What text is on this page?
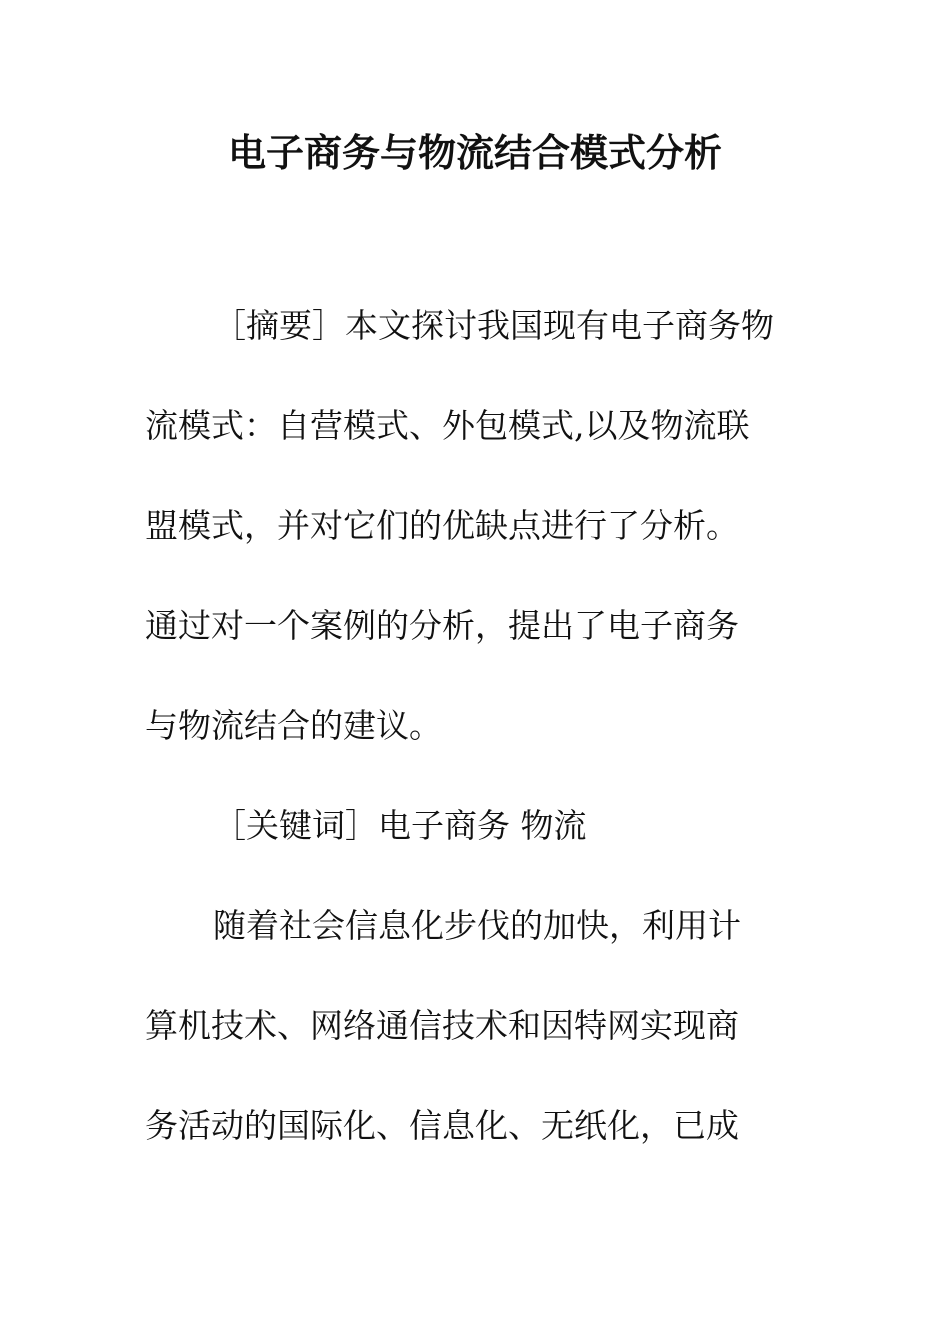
电子商务与物流结合模式分析
［摘要］本文探讨我国现有电子商务物
流模式：自营模式、外包模式,以及物流联
盟模式，并对它们的优缺点进行了分析。
通过对一个案例的分析，提出了电子商务
与物流结合的建议。
［关键词］电子商务 物流
随着社会信息化步伐的加快，利用计
算机技术、网络通信技术和因特网实现商
务活动的国际化、信息化、无纸化，已成
